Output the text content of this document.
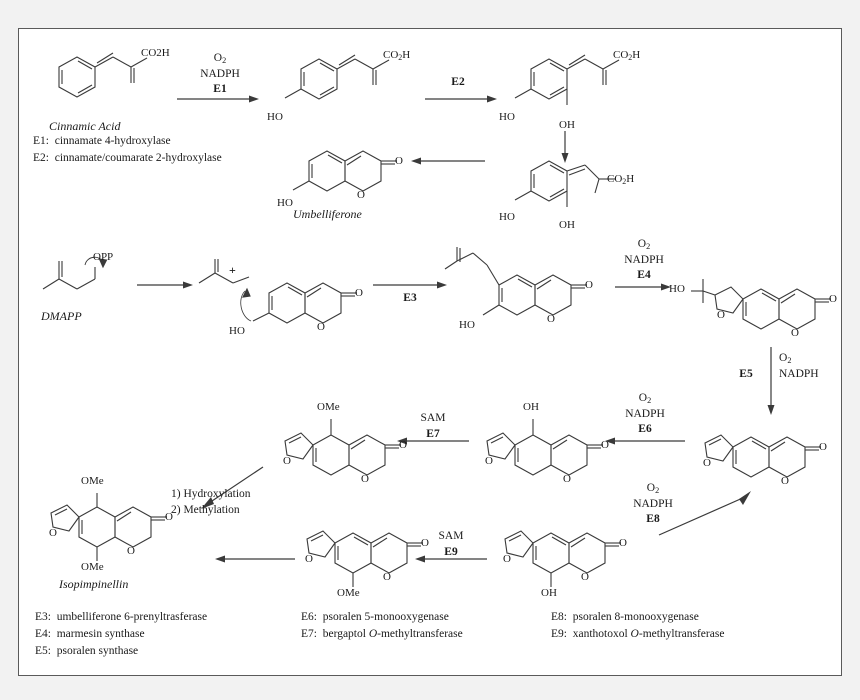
CO2H
Cinnamic Acid
$O_2$
NADPH
E1
$CO_2H$
HO
E2
$CO_2H$
HO
OH
$CO_2H$
HO
OH
HO
O
O
Umbelliferone
E1:  cinnamate 4-hydroxylase
E2:  cinnamate/coumarate 2-hydroxylase
OPP
DMAPP
+
HO	O
O	E3
HO	O
O
$O_2$
NADPH
E4
HO
O
O
O
E5
$O_2$
NADPH
O
O
O
$O_2$
NADPH
E6
OH
O
O
O
SAM
E7
OMe
O
O
O
$O_2$
NADPH
E8
O
O
O
OH
SAM
E9
O
O
O
OMe
1) Hydroxylation
2) Methylation
OMe
O
O
O
OMe
Isopimpinellin
E3:  umbelliferone 6-prenyltrasferase
E4:  marmesin synthase
E5:  psoralen synthase
E6:  psoralen 5-monooxygenase
E7:  bergaptol O-methyltransferase
E8:  psoralen 8-monooxygenase
E9:  xanthotoxol O-methyltransferase
